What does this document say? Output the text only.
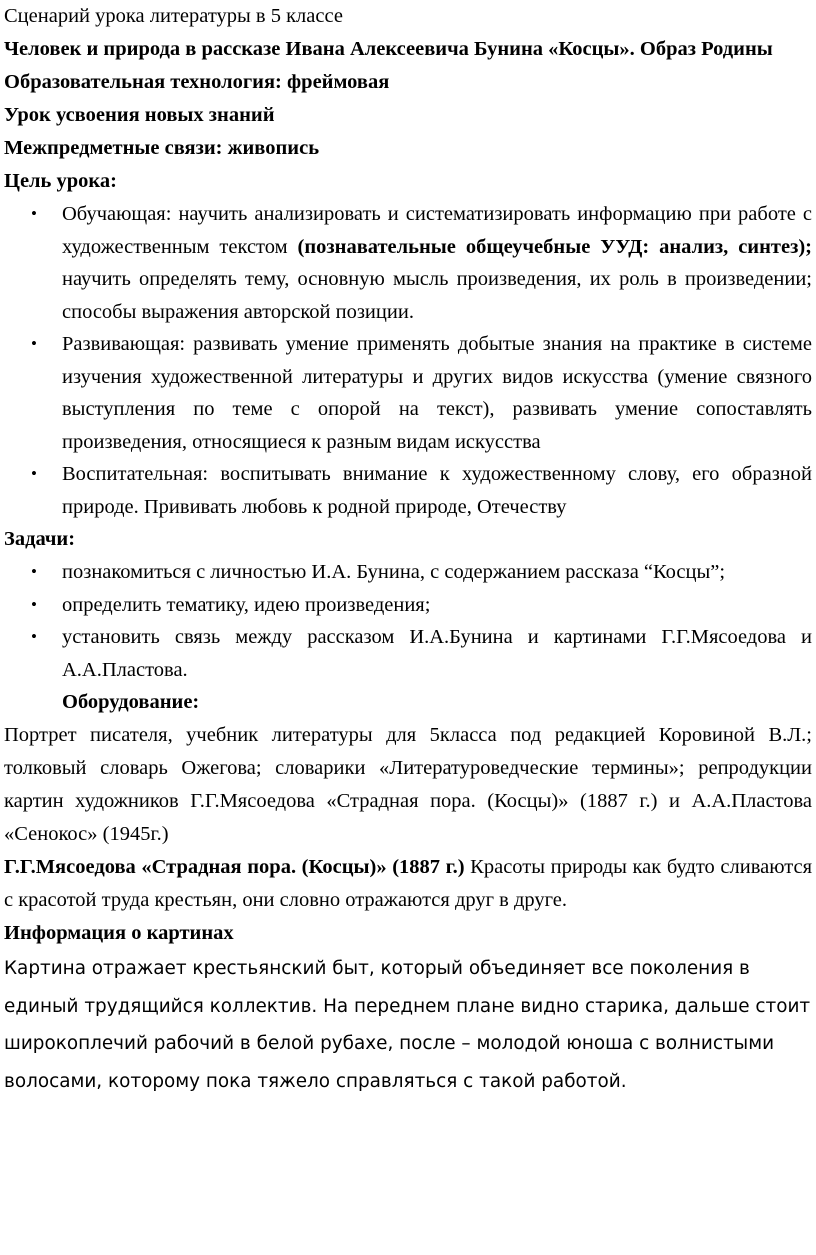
Сценарий урока литературы в 5 классе

Человек и природа в рассказе Ивана Алексеевича Бунина «Косцы». Образ Родины

Образовательная технология: фреймовая

Урок усвоения новых знаний

Межпредметные связи: живопись

Цель урока:

• Обучающая: научить анализировать и систематизировать информацию при работе с художественным текстом (познавательные общеучебные УУД: анализ, синтез); научить определять тему, основную мысль произведения, их роль в произведении; способы выражения авторской позиции.
• Развивающая: развивать умение применять добытые знания на практике в системе изучения художественной литературы и других видов искусства (умение связного выступления по теме с опорой на текст), развивать умение сопоставлять произведения, относящиеся к разным видам искусства
• Воспитательная: воспитывать внимание к художественному слову, его образной природе. Прививать любовь к родной природе, Отечеству

Задачи:

• познакомиться с личностью И.А. Бунина, с содержанием рассказа “Косцы”;
• определить тематику, идею произведения;
• установить связь между рассказом И.А.Бунина и картинами Г.Г.Мясоедова и А.А.Пластова.

Оборудование:

Портрет писателя, учебник литературы для 5класса под редакцией Коровиной В.Л.; толковый словарь Ожегова; словарики «Литературоведческие термины»; репродукции картин художников Г.Г.Мясоедова «Страдная пора. (Косцы)» (1887 г.) и А.А.Пластова «Сенокос» (1945г.)

Г.Г.Мясоедова «Страдная пора. (Косцы)» (1887 г.) Красоты природы как будто сливаются с красотой труда крестьян, они словно отражаются друг в друге.

Информация о картинах

Картина отражает крестьянский быт, который объединяет все поколения в единый трудящийся коллектив. На переднем плане видно старика, дальше стоит широкоплечий рабочий в белой рубахе, после – молодой юноша с волнистыми волосами, которому пока тяжело справляться с такой работой.
